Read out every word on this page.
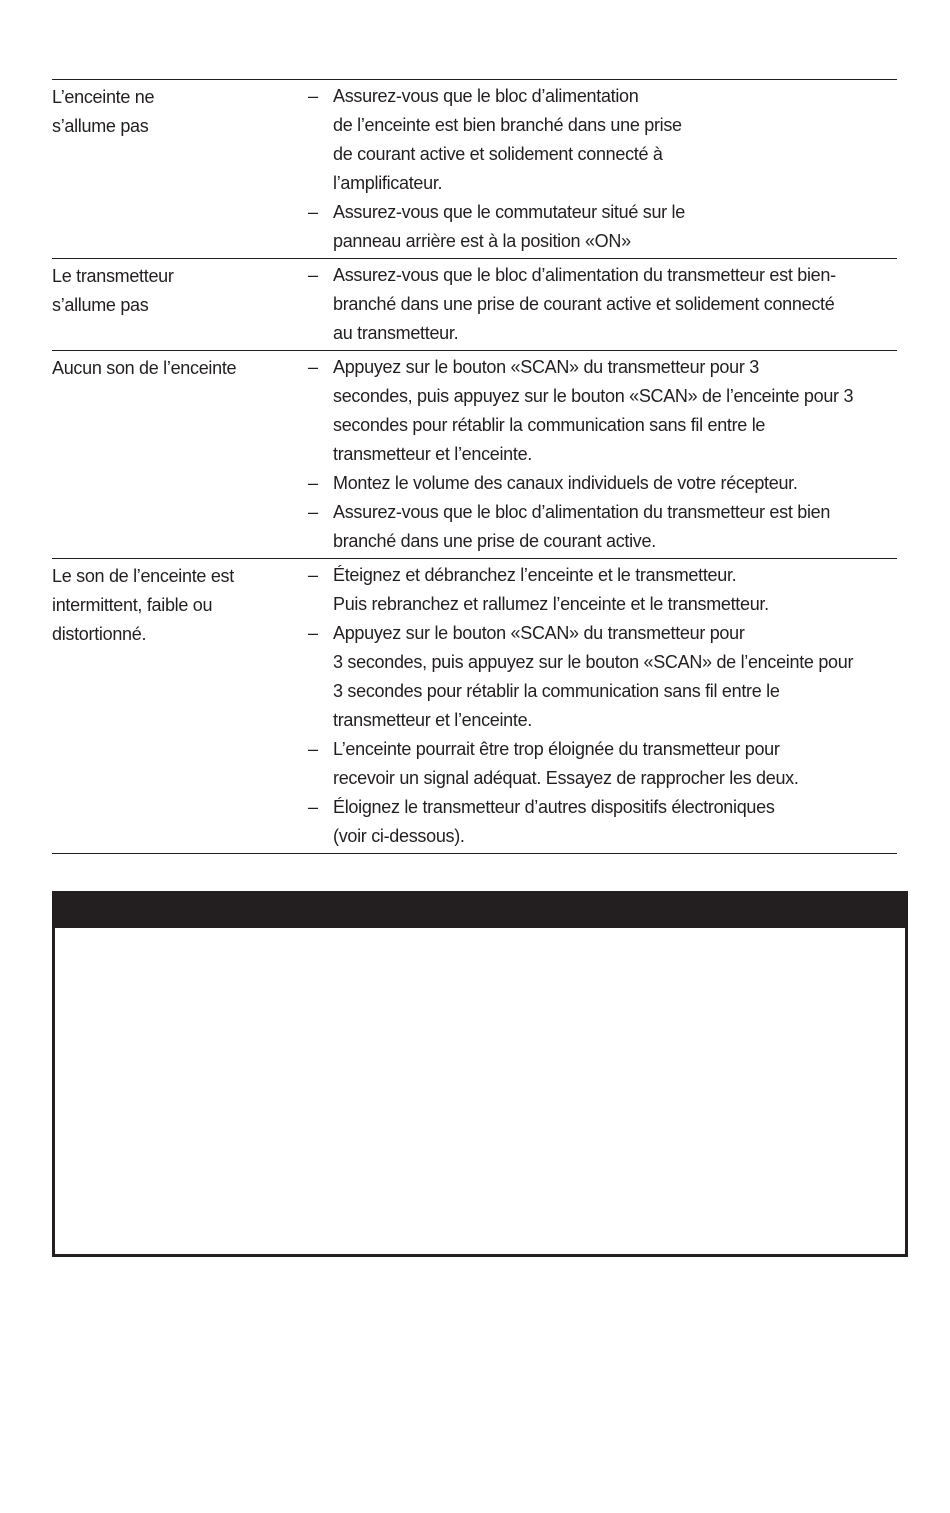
L’enceinte ne
s’allume pas
– Assurez-vous que le bloc d’alimentation
de l’enceinte est bien branché dans une prise
de courant active et solidement connecté à
l’amplificateur.
– Assurez-vous que le commutateur situé sur le
panneau arrière est à la position «ON»
Le transmetteur
s’allume pas
– Assurez-vous que le bloc d’alimentation du transmetteur est bien-
branché dans une prise de courant active et solidement connecté
au transmetteur.
Aucun son de l’enceinte	– Appuyez sur le bouton «SCAN» du transmetteur pour 3
secondes, puis appuyez sur le bouton «SCAN» de l’enceinte pour 3
secondes pour rétablir la communication sans fil entre le
transmetteur et l’enceinte.
– Montez le volume des canaux individuels de votre récepteur.
– Assurez-vous que le bloc d’alimentation du transmetteur est bien
branché dans une prise de courant active.
Le son de l’enceinte est
intermittent, faible ou
distortionné.
– Éteignez et débranchez l’enceinte et le transmetteur.
Puis rebranchez et rallumez l’enceinte et le transmetteur.
– Appuyez sur le bouton «SCAN» du transmetteur pour
3 secondes, puis appuyez sur le bouton «SCAN» de l’enceinte pour
3 secondes pour rétablir la communication sans fil entre le
transmetteur et l’enceinte.
– L’enceinte pourrait être trop éloignée du transmetteur pour
recevoir un signal adéquat. Essayez de rapprocher les deux.
– Éloignez le transmetteur d’autres dispositifs électroniques
(voir ci-dessous).
